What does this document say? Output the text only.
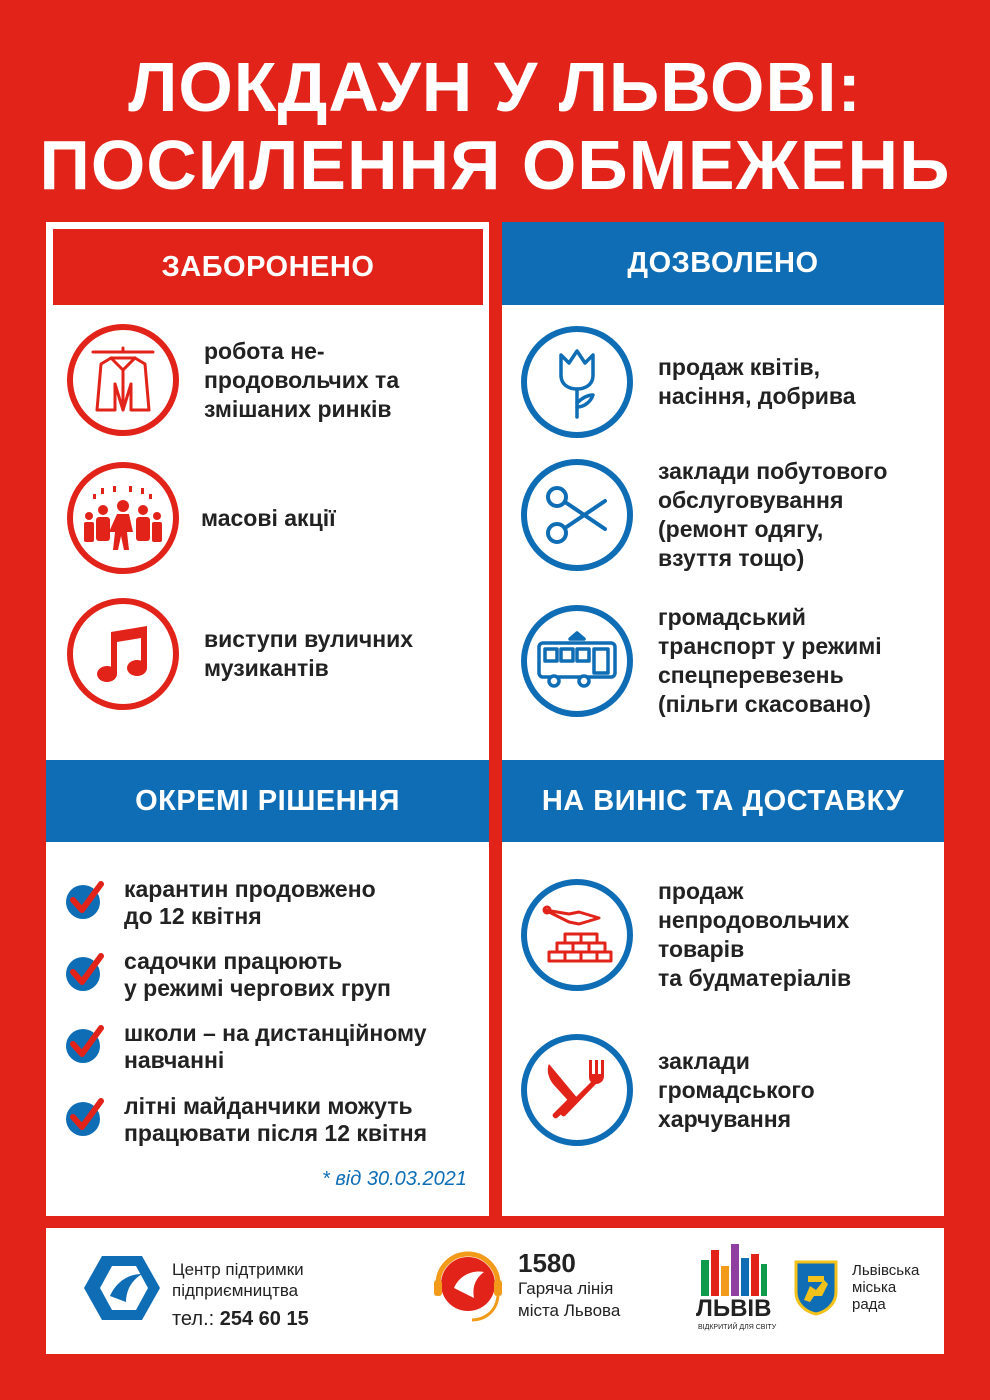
ЛОКДАУН У ЛЬВОВІ:
ПОСИЛЕННЯ ОБМЕЖЕНЬ
ЗАБОРОНЕНО
робота не-
продовольчих та
змішаних ринків
масові акції
виступи вуличних
музикантів
ДОЗВОЛЕНО
продаж квітів,
насіння, добрива
заклади побутового
обслуговування
(ремонт одягу,
взуття тощо)
громадський
транспорт у режимі
спецперевезень
(пільги скасовано)
ОКРЕМІ РІШЕННЯ
карантин продовжено
до 12 квітня
садочки працюють
у режимі чергових груп
школи – на дистанційному
навчанні
літні майданчики можуть
працювати після 12 квітня
* від 30.03.2021
НА ВИНІС ТА ДОСТАВКУ
продаж
непродовольчих
товарів
та будматеріалів
заклади
громадського
харчування
Центр підтримки
підприємництва
тел.: 254 60 15
1580
Гаряча лінія
міста Львова	ЛЬВІВ
ВІДКРИТИЙ ДЛЯ СВІТУ
Львівська
міська
рада
